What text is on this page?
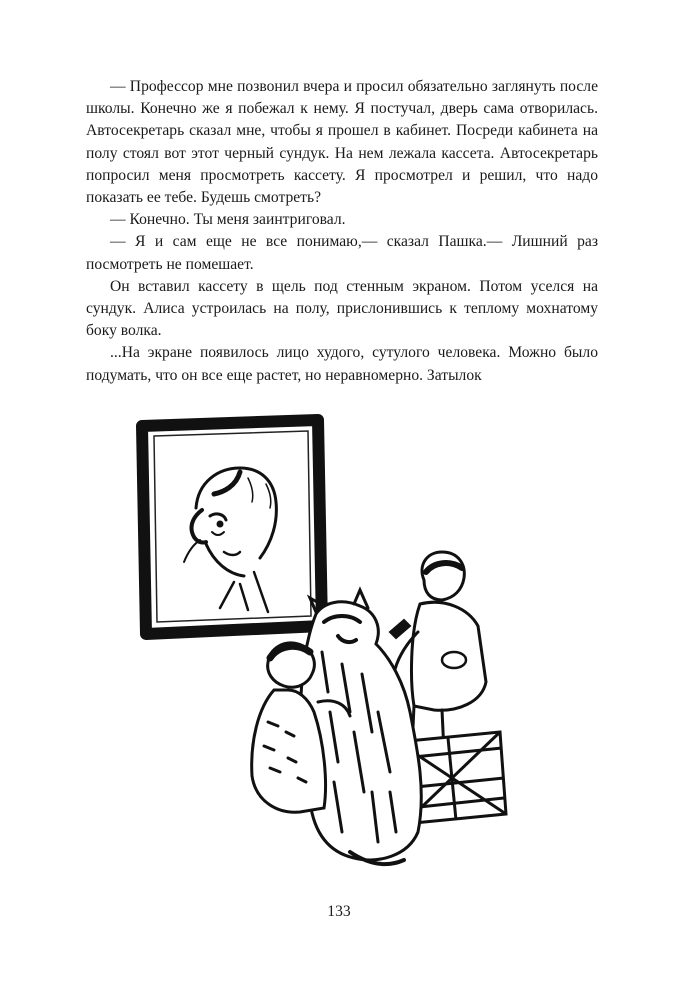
— Профессор мне позвонил вчера и просил обязательно заглянуть после школы. Конечно же я побежал к нему. Я постучал, дверь сама отворилась. Автосекретарь сказал мне, чтобы я прошел в кабинет. Посреди кабинета на полу стоял вот этот черный сундук. На нем лежала кассета. Автосекретарь попросил меня просмотреть кассету. Я просмотрел и решил, что надо показать ее тебе. Будешь смотреть?

— Конечно. Ты меня заинтриговал.

— Я и сам еще не все понимаю,— сказал Пашка.— Лишний раз посмотреть не помешает.

Он вставил кассету в щель под стенным экраном. Потом уселся на сундук. Алиса устроилась на полу, прислонившись к теплому мохнатому боку волка.

...На экране появилось лицо худого, сутулого человека. Можно было подумать, что он все еще растет, но неравномерно. Затылок

133
